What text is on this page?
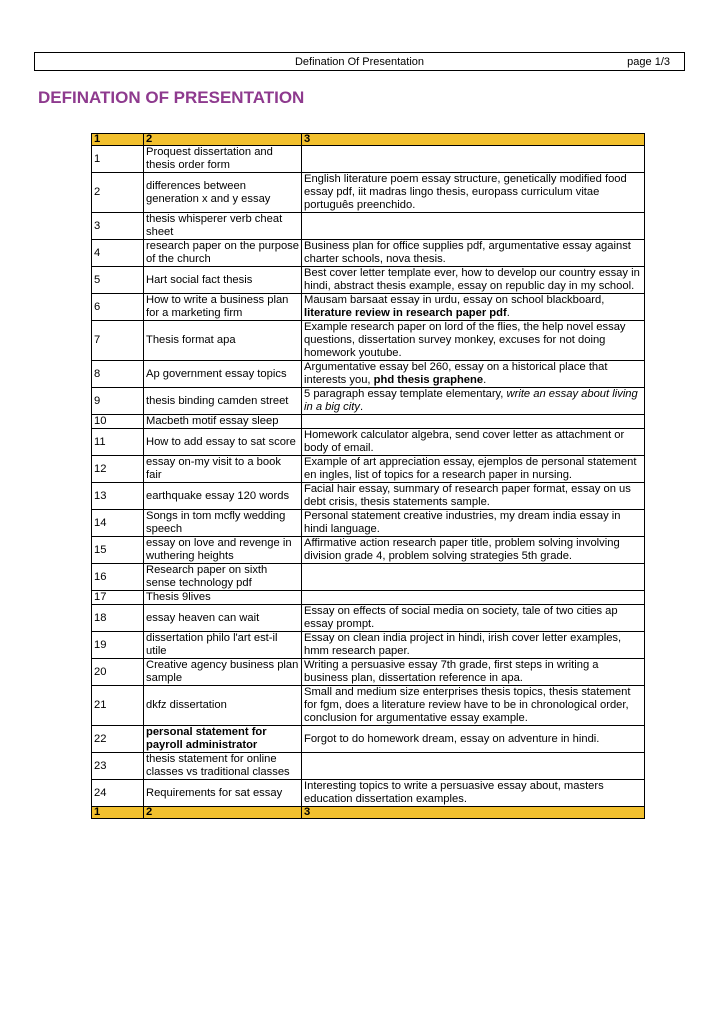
Defination Of Presentation	page 1/3
DEFINATION OF PRESENTATION
1	2	3
1	Proquest dissertation and thesis order form	
2	differences between generation x and y essay	English literature poem essay structure, genetically modified food essay pdf, iit madras lingo thesis, europass curriculum vitae português preenchido.
3	thesis whisperer verb cheat sheet	
4	research paper on the purpose of the church	Business plan for office supplies pdf, argumentative essay against charter schools, nova thesis.
5	Hart social fact thesis	Best cover letter template ever, how to develop our country essay in hindi, abstract thesis example, essay on republic day in my school.
6	How to write a business plan for a marketing firm	Mausam barsaat essay in urdu, essay on school blackboard, literature review in research paper pdf.
7	Thesis format apa	Example research paper on lord of the flies, the help novel essay questions, dissertation survey monkey, excuses for not doing homework youtube.
8	Ap government essay topics	Argumentative essay bel 260, essay on a historical place that interests you, phd thesis graphene.
9	thesis binding camden street	5 paragraph essay template elementary, write an essay about living in a big city.
10	Macbeth motif essay sleep	
11	How to add essay to sat score	Homework calculator algebra, send cover letter as attachment or body of email.
12	essay on-my visit to a book fair	Example of art appreciation essay, ejemplos de personal statement en ingles, list of topics for a research paper in nursing.
13	earthquake essay 120 words	Facial hair essay, summary of research paper format, essay on us debt crisis, thesis statements sample.
14	Songs in tom mcfly wedding speech	Personal statement creative industries, my dream india essay in hindi language.
15	essay on love and revenge in wuthering heights	Affirmative action research paper title, problem solving involving division grade 4, problem solving strategies 5th grade.
16	Research paper on sixth sense technology pdf	
17	Thesis 9lives	
18	essay heaven can wait	Essay on effects of social media on society, tale of two cities ap essay prompt.
19	dissertation philo l'art est-il utile	Essay on clean india project in hindi, irish cover letter examples, hmm research paper.
20	Creative agency business plan sample	Writing a persuasive essay 7th grade, first steps in writing a business plan, dissertation reference in apa.
21	dkfz dissertation	Small and medium size enterprises thesis topics, thesis statement for fgm, does a literature review have to be in chronological order, conclusion for argumentative essay example.
22	personal statement for payroll administrator	Forgot to do homework dream, essay on adventure in hindi.
23	thesis statement for online classes vs traditional classes	
24	Requirements for sat essay	Interesting topics to write a persuasive essay about, masters education dissertation examples.
1	2	3
